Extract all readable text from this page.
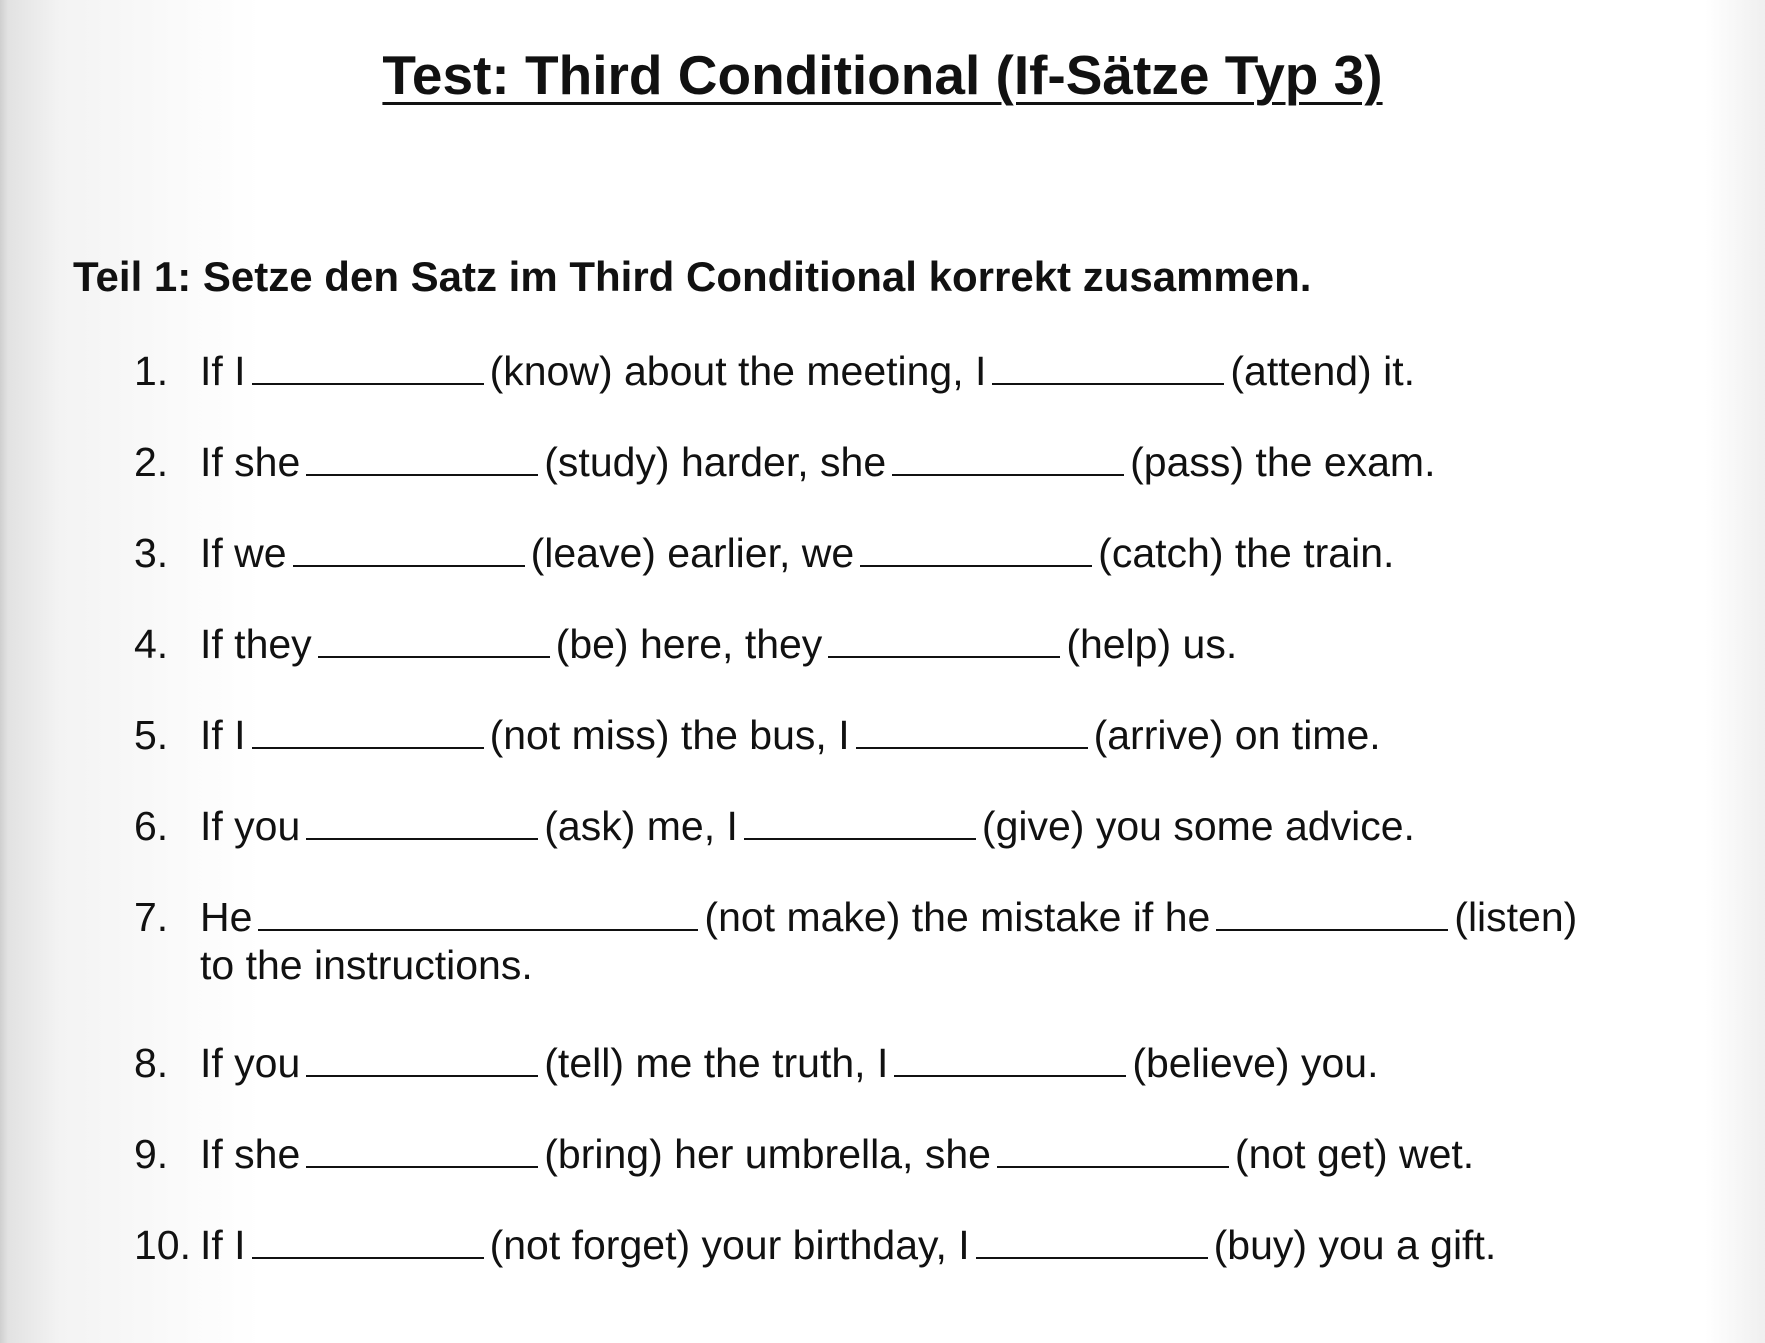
Test: Third Conditional (If-Sätze Typ 3)
Teil 1: Setze den Satz im Third Conditional korrekt zusammen.
1. If I	(know) about the meeting, I	(attend) it.
2. If she	(study) harder, she	(pass) the exam.
3. If we	(leave) earlier, we	(catch) the train.
4. If they	(be) here, they	(help) us.
5. If I	(not miss) the bus, I	(arrive) on time.
6. If you	(ask) me, I	(give) you some advice.
7. He	(not make) the mistake if he	(listen)
to the instructions.
8. If you	(tell) me the truth, I	(believe) you.
9. If she	(bring) her umbrella, she	(not get) wet.
10. If I	(not forget) your birthday, I	(buy) you a gift.
